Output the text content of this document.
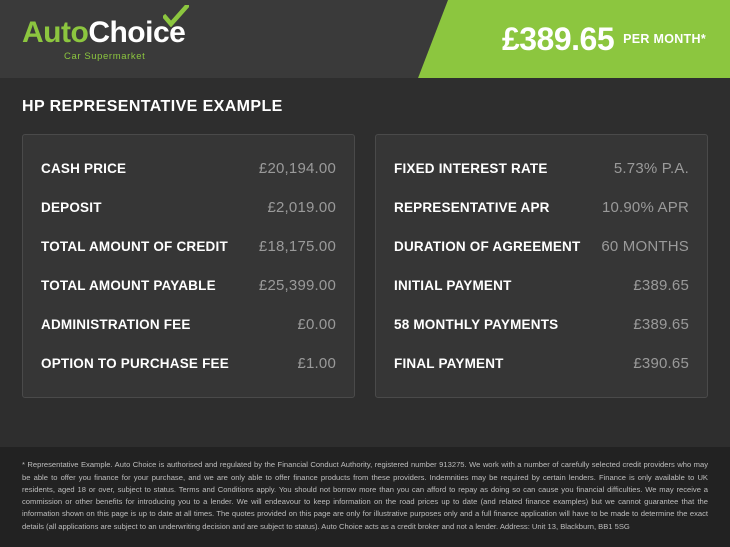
Auto Choice
Car Supermarket	£389.65 PER MONTH*
HP REPRESENTATIVE EXAMPLE
CASH PRICE	£20,194.00
DEPOSIT	£2,019.00
TOTAL AMOUNT OF CREDIT £18,175.00
TOTAL AMOUNT PAYABLE	£25,399.00
ADMINISTRATION FEE	£0.00
OPTION TO PURCHASE FEE	£1.00
FIXED INTEREST RATE	5.73% P.A.
REPRESENTATIVE APR	10.90% APR
DURATION OF AGREEMENT 60 MONTHS
INITIAL PAYMENT	£389.65
58 MONTHLY PAYMENTS	£389.65
FINAL PAYMENT	£390.65
* Representative Example. Auto Choice is authorised and regulated by the Financial Conduct Authority, registered number 913275. We work with a number of carefully selected credit providers who may be able to offer you finance for your purchase, and we are only able to offer finance products from these providers. Indemnities may be required by certain lenders. Finance is only available to UK residents, aged 18 or over, subject to status. Terms and Conditions apply. You should not borrow more than you can afford to repay as doing so can cause you financial difficulties. We may receive a commission or other benefits for introducing you to a lender. We will endeavour to keep information on the road prices up to date (and related finance examples) but we cannot guarantee that the information shown on this page is up to date at all times. The quotes provided on this page are only for illustrative purposes only and a full finance application will have to be made to determine the exact details (all applications are subject to an underwriting decision and are subject to status). Auto Choice acts as a credit broker and not a lender. Address: Unit 13, Blackburn, BB1 5SG
